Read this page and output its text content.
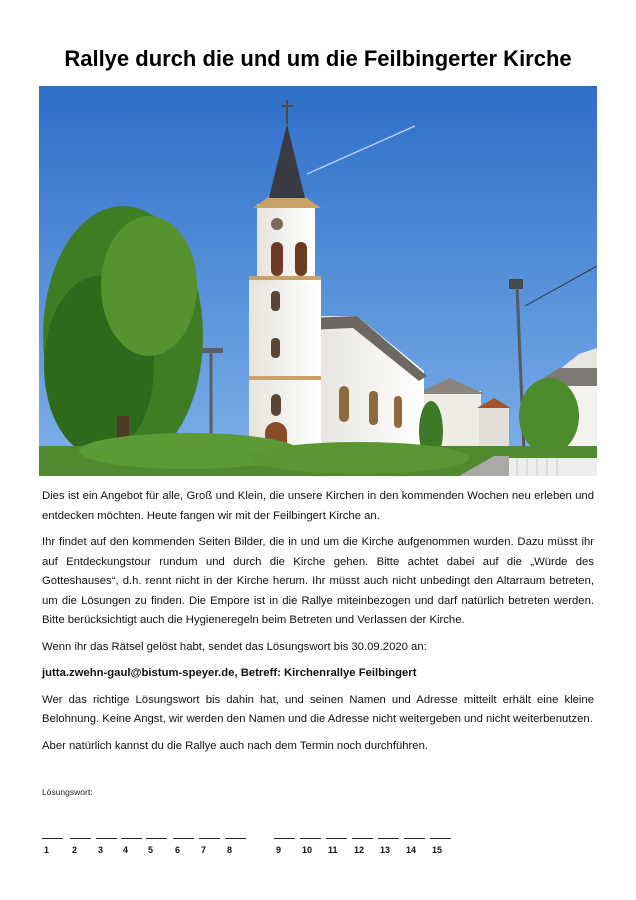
Rallye durch die und um die Feilbingerter Kirche

Dies ist ein Angebot für alle, Groß und Klein, die unsere Kirchen in den kommenden Wochen neu erleben und entdecken möchten. Heute fangen wir mit der Feilbingert Kirche an.

Ihr findet auf den kommenden Seiten Bilder, die in und um die Kirche aufgenommen wurden. Dazu müsst ihr auf Entdeckungstour rundum und durch die Kirche gehen. Bitte achtet dabei auf die „Würde des Gotteshauses“, d.h. rennt nicht in der Kirche herum. Ihr müsst auch nicht unbedingt den Altarraum betreten, um die Lösungen zu finden. Die Empore ist in die Rallye miteinbezogen und darf natürlich betreten werden. Bitte berücksichtigt auch die Hygieneregeln beim Betreten und Verlassen der Kirche.

Wenn ihr das Rätsel gelöst habt, sendet das Lösungswort bis 30.09.2020 an:

jutta.zwehn-gaul@bistum-speyer.de, Betreff: Kirchenrallye Feilbingert

Wer das richtige Lösungswort bis dahin hat, und seinen Namen und Adresse mitteilt erhält eine kleine Belohnung. Keine Angst, wir werden den Namen und die Adresse nicht weitergeben und nicht weiterbenutzen.

Aber natürlich kannst du die Rallye auch nach dem Termin noch durchführen.

Lösungswort:
1	2	3	4	5	6	7	8	9	10	11	12	13	14	15
